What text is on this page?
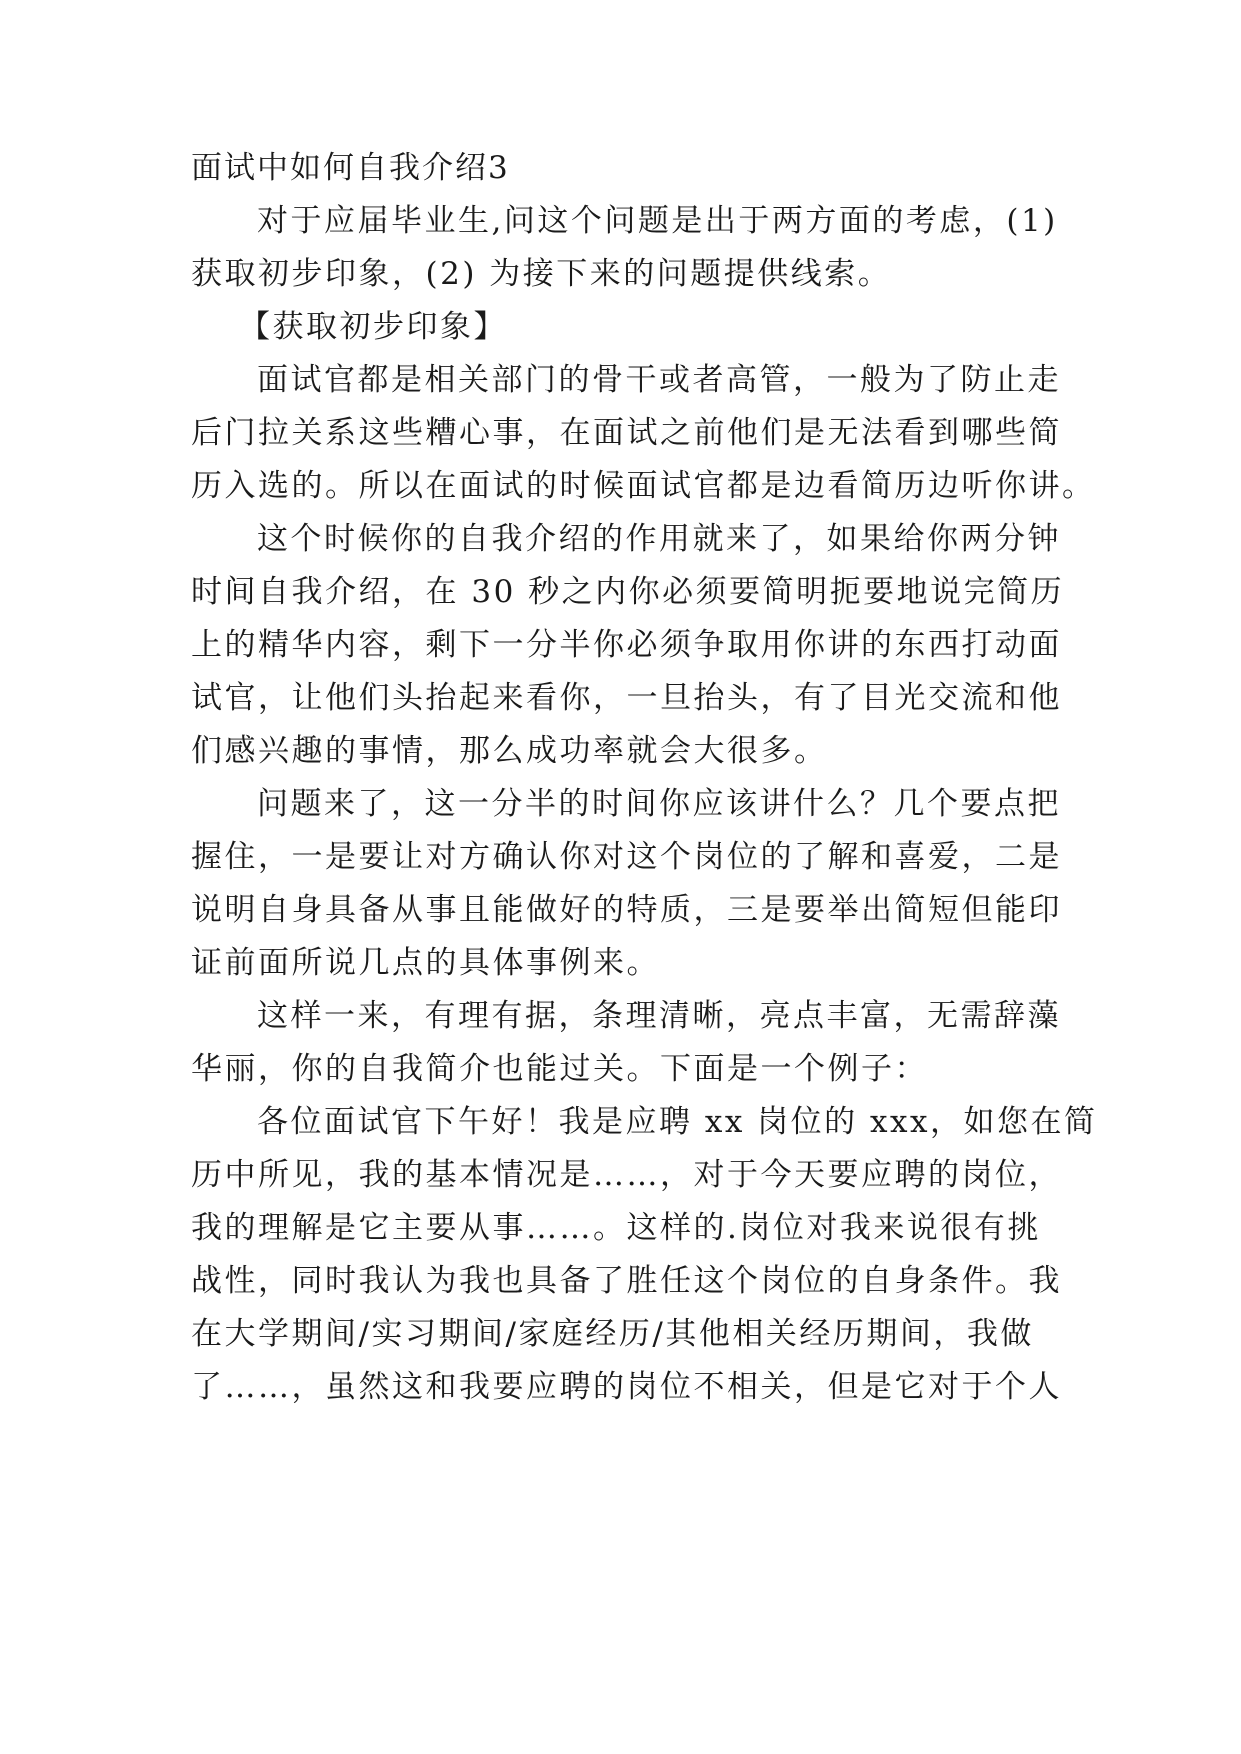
面试中如何自我介绍3
对于应届毕业生,问这个问题是出于两方面的考虑，(1)
获取初步印象，(2) 为接下来的问题提供线索。
【获取初步印象】
面试官都是相关部门的骨干或者高管，一般为了防止走
后门拉关系这些糟心事，在面试之前他们是无法看到哪些简
历入选的。所以在面试的时候面试官都是边看简历边听你讲。
这个时候你的自我介绍的作用就来了，如果给你两分钟
时间自我介绍，在 30 秒之内你必须要简明扼要地说完简历
上的精华内容，剩下一分半你必须争取用你讲的东西打动面
试官，让他们头抬起来看你，一旦抬头，有了目光交流和他
们感兴趣的事情，那么成功率就会大很多。
问题来了，这一分半的时间你应该讲什么？几个要点把
握住，一是要让对方确认你对这个岗位的了解和喜爱，二是
说明自身具备从事且能做好的特质，三是要举出简短但能印
证前面所说几点的具体事例来。
这样一来，有理有据，条理清晰，亮点丰富，无需辞藻
华丽，你的自我简介也能过关。下面是一个例子：
各位面试官下午好！我是应聘 xx 岗位的 xxx，如您在简
历中所见，我的基本情况是……，对于今天要应聘的岗位，
我的理解是它主要从事……。这样的.岗位对我来说很有挑
战性，同时我认为我也具备了胜任这个岗位的自身条件。我
在大学期间/实习期间/家庭经历/其他相关经历期间，我做
了……，虽然这和我要应聘的岗位不相关，但是它对于个人
